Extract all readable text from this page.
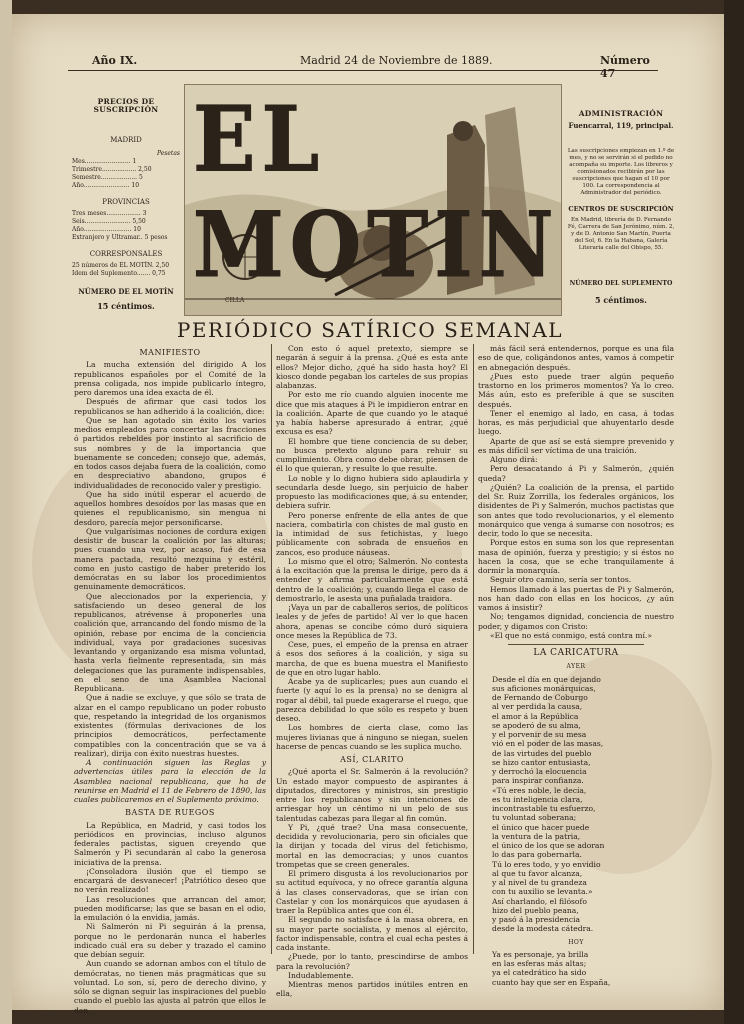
Año IX.	Madrid 24 de Noviembre de 1889.	Número 47
PRECIOS DE SUSCRIPCIÓN
MADRID
Pesetas
Mes........................ 1
Trimestre.................. 2,50
Semestre................... 5
Año........................ 10
PROVINCIAS
Tres meses.................. 3
Seis........................ 5,50
Año......................... 10
Extranjero y Ultramar.. 5 pesos
CORRESPONSALES
25 números de EL MOTÍN. 2,50
Idem del Suplemento....... 0,75
NÚMERO DE EL MOTÍN
15 céntimos.
EL MOTIN
CILLA
ADMINISTRACIÓN
Fuencarral, 119, principal.
Las suscripciones empiezan en 1.º de mes, y no se servirán si el pedido no acompaña su importe. Los libreros y comisionados recibirán por las suscripciones que hagan el 10 por 100. La correspondencia al Administrador del periódico.
CENTROS DE SUSCRIPCIÓN
En Madrid, librería de D. Fernando Fé, Carrera de San Jerónimo, núm. 2, y de D. Antonio San Martín, Puerta del Sol, 6. En la Habana, Galería Literaria calle del Obispo, 55.
NÚMERO DEL SUPLEMENTO
5 céntimos.
PERIÓDICO SATÍRICO SEMANAL
MANIFIESTO

La mucha extensión del dirigido A los republicanos españoles por el Comité de la prensa coligada, nos impide publicarlo íntegro, pero daremos una idea exacta de él.

Después de afirmar que casi todos los republicanos se han adherido á la coalición, dice:

Que se han agotado sin éxito los varios medios empleados para concertar las fracciones ó partidos rebeldes por instinto al sacrificio de sus nombres y de la importancia que buenamente se conceden; consejo que, además, en todos casos dejaba fuera de la coalición, como en despreciativo abandono, grupos é individualidades de reconocido valer y prestigio.

Que ha sido inútil esperar el acuerdo de aquellos hombres desoídos por las masas que en quienes el republicanismo, sin mengua ni desdoro, parecía mejor personificarse.

Que vulgarísimas nociones de cordura exigen desistir de buscar la coalición por las alturas; pues cuando una vez, por acaso, fué de esa manera pactada, resultó mezquina y estéril, como en justo castigo de haber preterido los demócratas en su labor los procedimientos genuinamente democráticos.

Que aleccionados por la experiencia, y satisfaciendo un deseo general de los republicanos, atrévense á proponerles una coalición que, arrancando del fondo mismo de la opinión, rebase por encima de la conciencia individual, vaya por gradaciones sucesivas levantando y organizando esa misma voluntad, hasta verla fielmente representada, sin más delegaciones que las puramente indispensables, en el seno de una Asamblea Nacional Republicana.

Que á nadie se excluye, y que sólo se trata de alzar en el campo republicano un poder robusto que, respetando la integridad de los organismos existentes (fórmulas derivaciones de los principios democráticos, perfectamente compatibles con la concentración que se va á realizar), dirija con éxito nuestras huestes.

A continuación siguen las Reglas y advertencias útiles para la elección de la Asamblea nacional republicana, que ha de reunirse en Madrid el 11 de Febrero de 1890, las cuales publicaremos en el Suplemento próximo.

BASTA DE RUEGOS

La República, en Madrid, y casi todos los periódicos en provincias, incluso algunos federales pactistas, siguen creyendo que Salmerón y Pi secundarán al cabo la generosa iniciativa de la prensa.

¡Consoladora ilusión que el tiempo se encargará de desvanecer! ¡Patriótico deseo que no verán realizado!

Las resoluciones que arrancan del amor, pueden modificarse; las que se basan en el odio, la emulación ó la envidia, jamás.

Ni Salmerón ni Pi seguirán á la prensa, porque no le perdonarán nunca el haberles indicado cuál era su deber y trazado el camino que debían seguir.

Aun cuando se adornan ambos con el título de demócratas, no tienen más pragmáticas que su voluntad. Lo son, sí, pero de derecho divino, y sólo se dignan seguir las inspiraciones del pueblo cuando el pueblo las ajusta al patrón que ellos le dan.

Con esto ó aquel pretexto, siempre se negarán á seguir á la prensa. ¿Qué es esta ante ellos? Mejor dicho, ¿qué ha sido hasta hoy? El kiosco donde pegaban los carteles de sus propias alabanzas.

Por esto me río cuando alguien inocente me dice que mis ataques á Pi le impidieron entrar en la coalición. Aparte de que cuando yo le ataqué ya había haberse apresurado á entrar, ¿qué excusa es esa?

El hombre que tiene conciencia de su deber, no busca pretexto alguno para rehuir su cumplimiento. Obra como debe obrar, piensen de él lo que quieran, y resulte lo que resulte.

Lo noble y lo digno hubiera sido aplaudirla y secundarla desde luego, sin perjuicio de haber propuesto las modificaciones que, á su entender, debiera sufrir.

Pero ponerse enfrente de ella antes de que naciera, combatirla con chistes de mal gusto en la intimidad de sus fetichistas, y luego públicamente con sobrada de ensueños en zancos, eso produce náuseas.

Lo mismo que el otro; Salmerón. No contesta á la excitación que la prensa le dirige, pero da á entender y afirma particularmente que está dentro de la coalición; y, cuando llega el caso de demostrarlo, le asesta una puñalada traidora.

¡Vaya un par de caballeros serios, de políticos leales y de jefes de partido! Al ver lo que hacen ahora, apenas se concibe cómo duró siquiera once meses la República de 73.

Cese, pues, el empeño de la prensa en atraer á esos dos señores á la coalición, y siga su marcha, de que es buena muestra el Manifiesto de que en otro lugar hablo.

Acabe ya de suplicarles; pues aun cuando el fuerte (y aquí lo es la prensa) no se denigra al rogar al débil, tal puede exagerarse el ruego, que parezca debilidad lo que sólo es respeto y buen deseo.

Los hombres de cierta clase, como las mujeres livianas que á ninguno se niegan, suelen hacerse de pencas cuando se les suplica mucho.

ASÍ, CLARITO

¿Qué aporta el Sr. Salmerón á la revolución? Un estado mayor compuesto de aspirantes á diputados, directores y ministros, sin prestigio entre los republicanos y sin intenciones de arriesgar hoy un céntimo ni un pelo de sus talentudas cabezas para llegar al fin común.

Y Pi, ¿qué trae? Una masa consecuente, decidida y revolucionaria, pero sin oficiales que la dirijan y tocada del virus del fetichismo, mortal en las democracias; y unos cuantos trompetas que se creen generales.

El primero disgusta á los revolucionarios por su actitud equívoca, y no ofrece garantía alguna á las clases conservadoras, que se irían con Castelar y con los monárquicos que ayudasen á traer la República antes que con él.

El segundo no satisface á la masa obrera, en su mayor parte socialista, y menos al ejército, factor indispensable, contra el cual echa pestes á cada instante.

¿Puede, por lo tanto, prescindirse de ambos para la revolución?

Indudablemente.

Mientras menos partidos inútiles entren en ella,

más fácil será entendernos, porque es una fila eso de que, coligándonos antes, vamos á competir en abnegación después.

¿Pues esto puede traer algún pequeño trastorno en los primeros momentos? Ya lo creo. Más aún, esto es preferible á que se susciten después.

Tener el enemigo al lado, en casa, á todas horas, es más perjudicial que ahuyentarlo desde luego.

Aparte de que así se está siempre prevenido y es más difícil ser víctima de una traición.

Alguno dirá:

Pero desacatando á Pi y Salmerón, ¿quién queda?

¿Quién? La coalición de la prensa, el partido del Sr. Ruiz Zorrilla, los federales orgánicos, los disidentes de Pi y Salmerón, muchos pactistas que son antes que todo revolucionarios, y el elemento monárquico que venga á sumarse con nosotros; es decir, todo lo que se necesita.

Porque estos en suma son los que representan masa de opinión, fuerza y prestigio; y si éstos no hacen la cosa, que se eche tranquilamente á dormir la monarquía.

Seguir otro camino, sería ser tontos.

Hemos llamado á las puertas de Pi y Salmerón, nos han dado con ellas en los hocicos, ¿y aún vamos á insistir?

No; tengamos dignidad, conciencia de nuestro poder, y digamos con Cristo:

«El que no está conmigo, está contra mí.»

LA CARICATURA
AYER

Desde el día en que dejando

sus aficiones monárquicas,

de Fernando de Coburgo

al ver perdida la causa,

el amor á la República

se apoderó de su alma,

y el porvenir de su mesa

vió en el poder de las masas,

de las virtudes del pueblo

se hizo cantor entusiasta,

y derrochó la elocuencia

para inspirar confianza.

«Tú eres noble, le decía,

es tu inteligencia clara,

incontrastable tu esfuerzo,

tu voluntad soberana;

el único que hacer puede

la ventura de la patria,

el único de los que se adoran

lo das para gobernarla.

Tú lo eres todo, y yo envidio

al que tu favor alcanza,

y al nivel de tu grandeza

con tu auxilio se levanta.»

Así charlando, el filósofo

hizo del pueblo peana,

y pasó á la presidencia

desde la modesta cátedra.

HOY

Ya es personaje, ya brilla

en las esferas más altas;

ya el catedrático ha sido

cuanto hay que ser en España,
